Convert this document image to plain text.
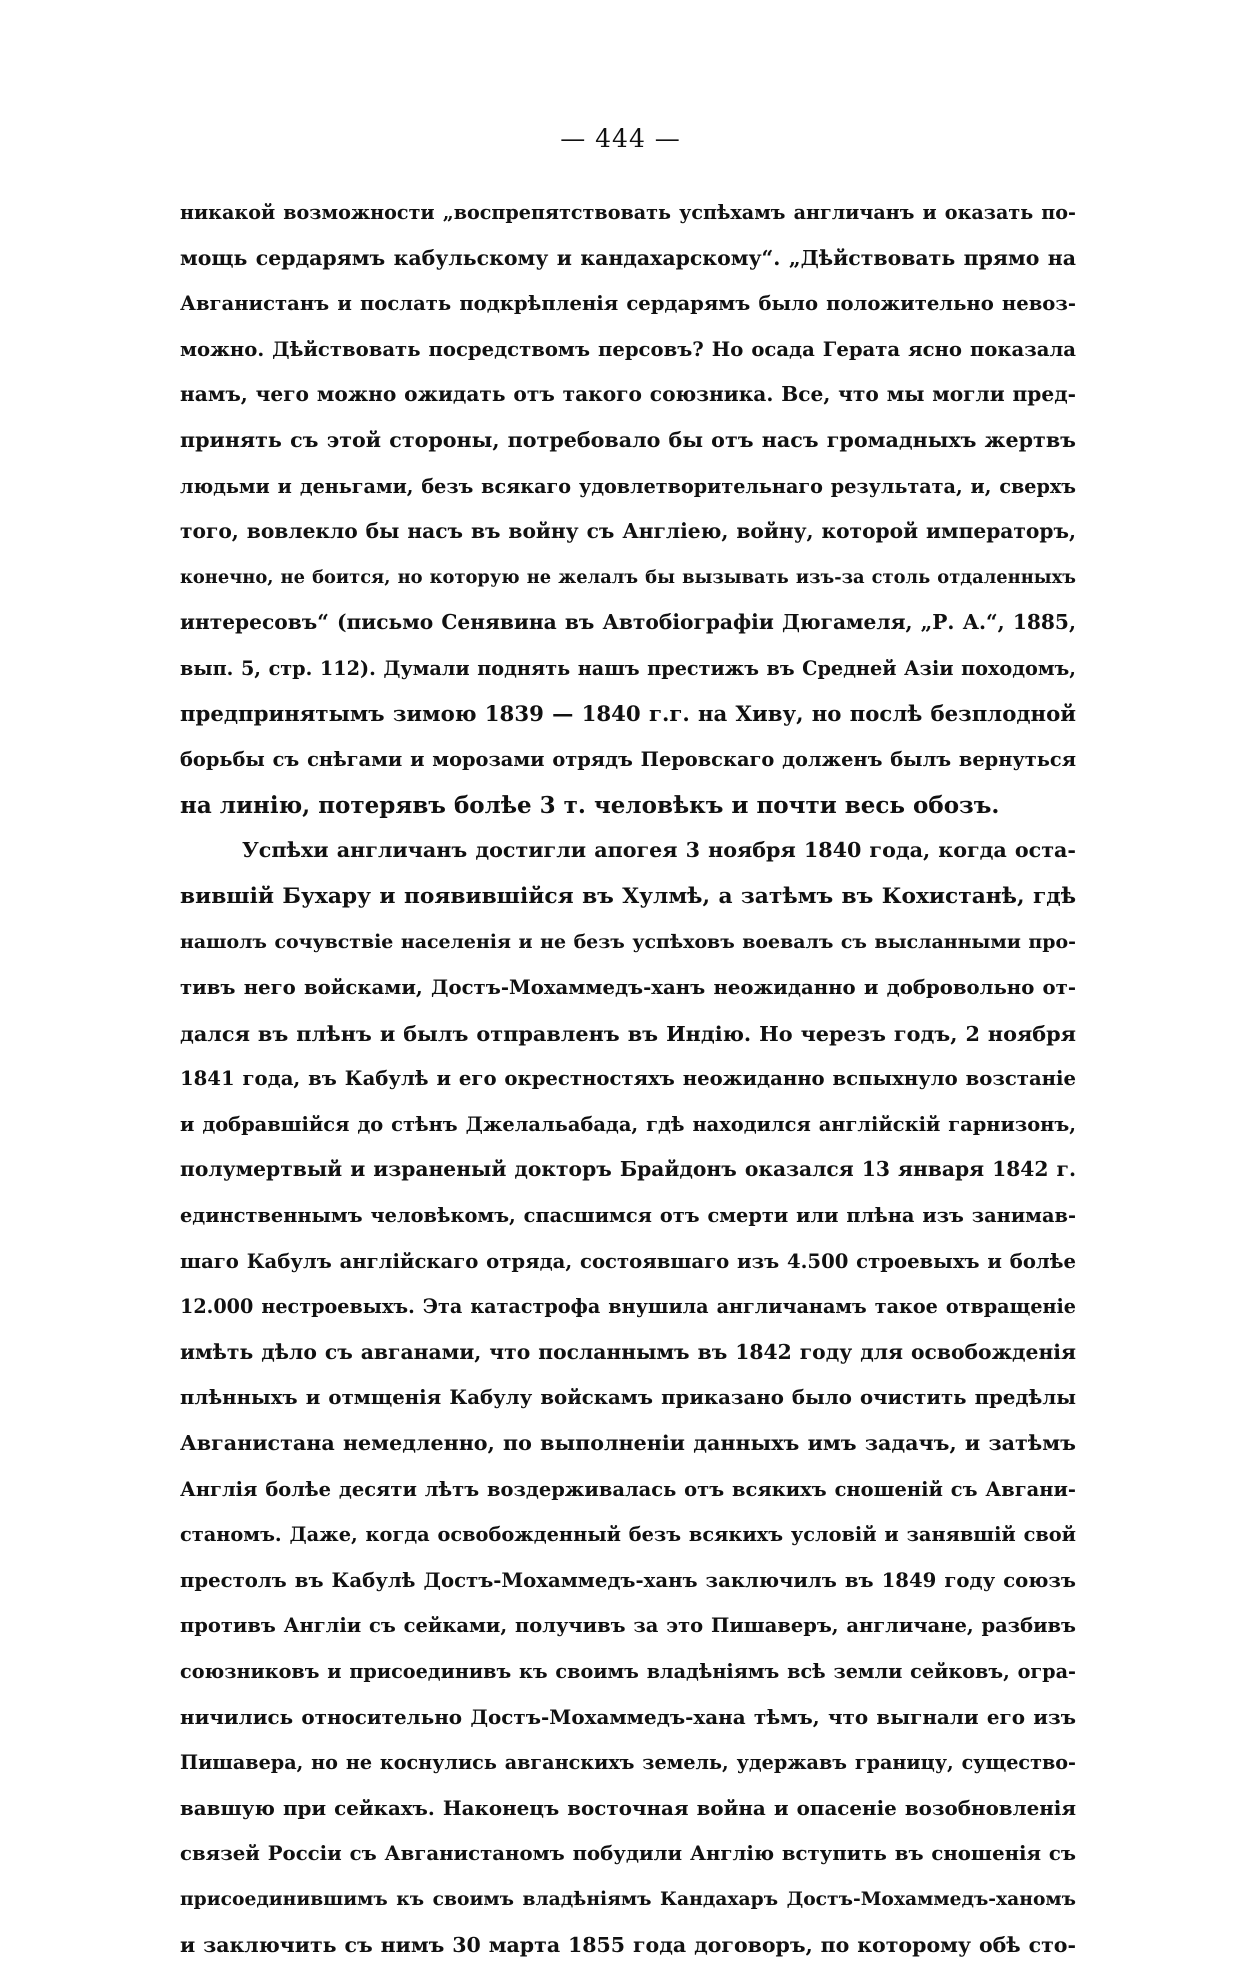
— 444 —
никакой возможности „воспрепятствовать успѣхамъ англичанъ и оказать по-
мощь сердарямъ кабульскому и кандахарскому“. „Дѣйствовать прямо на
Авганистанъ и послать подкрѣпленія сердарямъ было положительно невоз-
можно. Дѣйствовать посредствомъ персовъ? Но осада Герата ясно показала
намъ, чего можно ожидать отъ такого союзника. Все, что мы могли пред-
принять съ этой стороны, потребовало бы отъ насъ громадныхъ жертвъ
людьми и деньгами, безъ всякаго удовлетворительнаго результата, и, сверхъ
того, вовлекло бы насъ въ войну съ Англіею, войну, которой императоръ,
конечно, не боится, но которую не желалъ бы вызывать изъ-за столь отдаленныхъ
интересовъ“ (письмо Сенявина въ Автобіографіи Дюгамеля, „Р. А.“, 1885,
вып. 5, стр. 112). Думали поднять нашъ престижъ въ Средней Азіи походомъ,
предпринятымъ зимою 1839 — 1840 г.г. на Хиву, но послѣ безплодной
борьбы съ снѣгами и морозами отрядъ Перовскаго долженъ былъ вернуться
на линію, потерявъ болѣе 3 т. человѣкъ и почти весь обозъ.
Успѣхи англичанъ достигли апогея 3 ноября 1840 года, когда оста-
вившій Бухару и появившійся въ Хулмѣ, а затѣмъ въ Кохистанѣ, гдѣ
нашолъ сочувствіе населенія и не безъ успѣховъ воевалъ съ высланными про-
тивъ него войсками, Достъ-Мохаммедъ-ханъ неожиданно и добровольно от-
дался въ плѣнъ и былъ отправленъ въ Индію. Но черезъ годъ, 2 ноября
1841 года, въ Кабулѣ и его окрестностяхъ неожиданно вспыхнуло возстаніе
и добравшійся до стѣнъ Джелальабада, гдѣ находился англійскій гарнизонъ,
полумертвый и израненый докторъ Брайдонъ оказался 13 января 1842 г.
единственнымъ человѣкомъ, спасшимся отъ смерти или плѣна изъ занимав-
шаго Кабулъ англійскаго отряда, состоявшаго изъ 4.500 строевыхъ и болѣе
12.000 нестроевыхъ. Эта катастрофа внушила англичанамъ такое отвращеніе
имѣть дѣло съ авганами, что посланнымъ въ 1842 году для освобожденія
плѣнныхъ и отмщенія Кабулу войскамъ приказано было очистить предѣлы
Авганистана немедленно, по выполненіи данныхъ имъ задачъ, и затѣмъ
Англія болѣе десяти лѣтъ воздерживалась отъ всякихъ сношеній съ Авгани-
станомъ. Даже, когда освобожденный безъ всякихъ условій и занявшій свой
престолъ въ Кабулѣ Достъ-Мохаммедъ-ханъ заключилъ въ 1849 году союзъ
противъ Англіи съ сейками, получивъ за это Пишаверъ, англичане, разбивъ
союзниковъ и присоединивъ къ своимъ владѣніямъ всѣ земли сейковъ, огра-
ничились относительно Достъ-Мохаммедъ-хана тѣмъ, что выгнали его изъ
Пишавера, но не коснулись авганскихъ земель, удержавъ границу, существо-
вавшую при сейкахъ. Наконецъ восточная война и опасеніе возобновленія
связей Россіи съ Авганистаномъ побудили Англію вступить въ сношенія съ
присоединившимъ къ своимъ владѣніямъ Кандахаръ Достъ-Мохаммедъ-ханомъ
и заключить съ нимъ 30 марта 1855 года договоръ, по которому обѣ сто-
